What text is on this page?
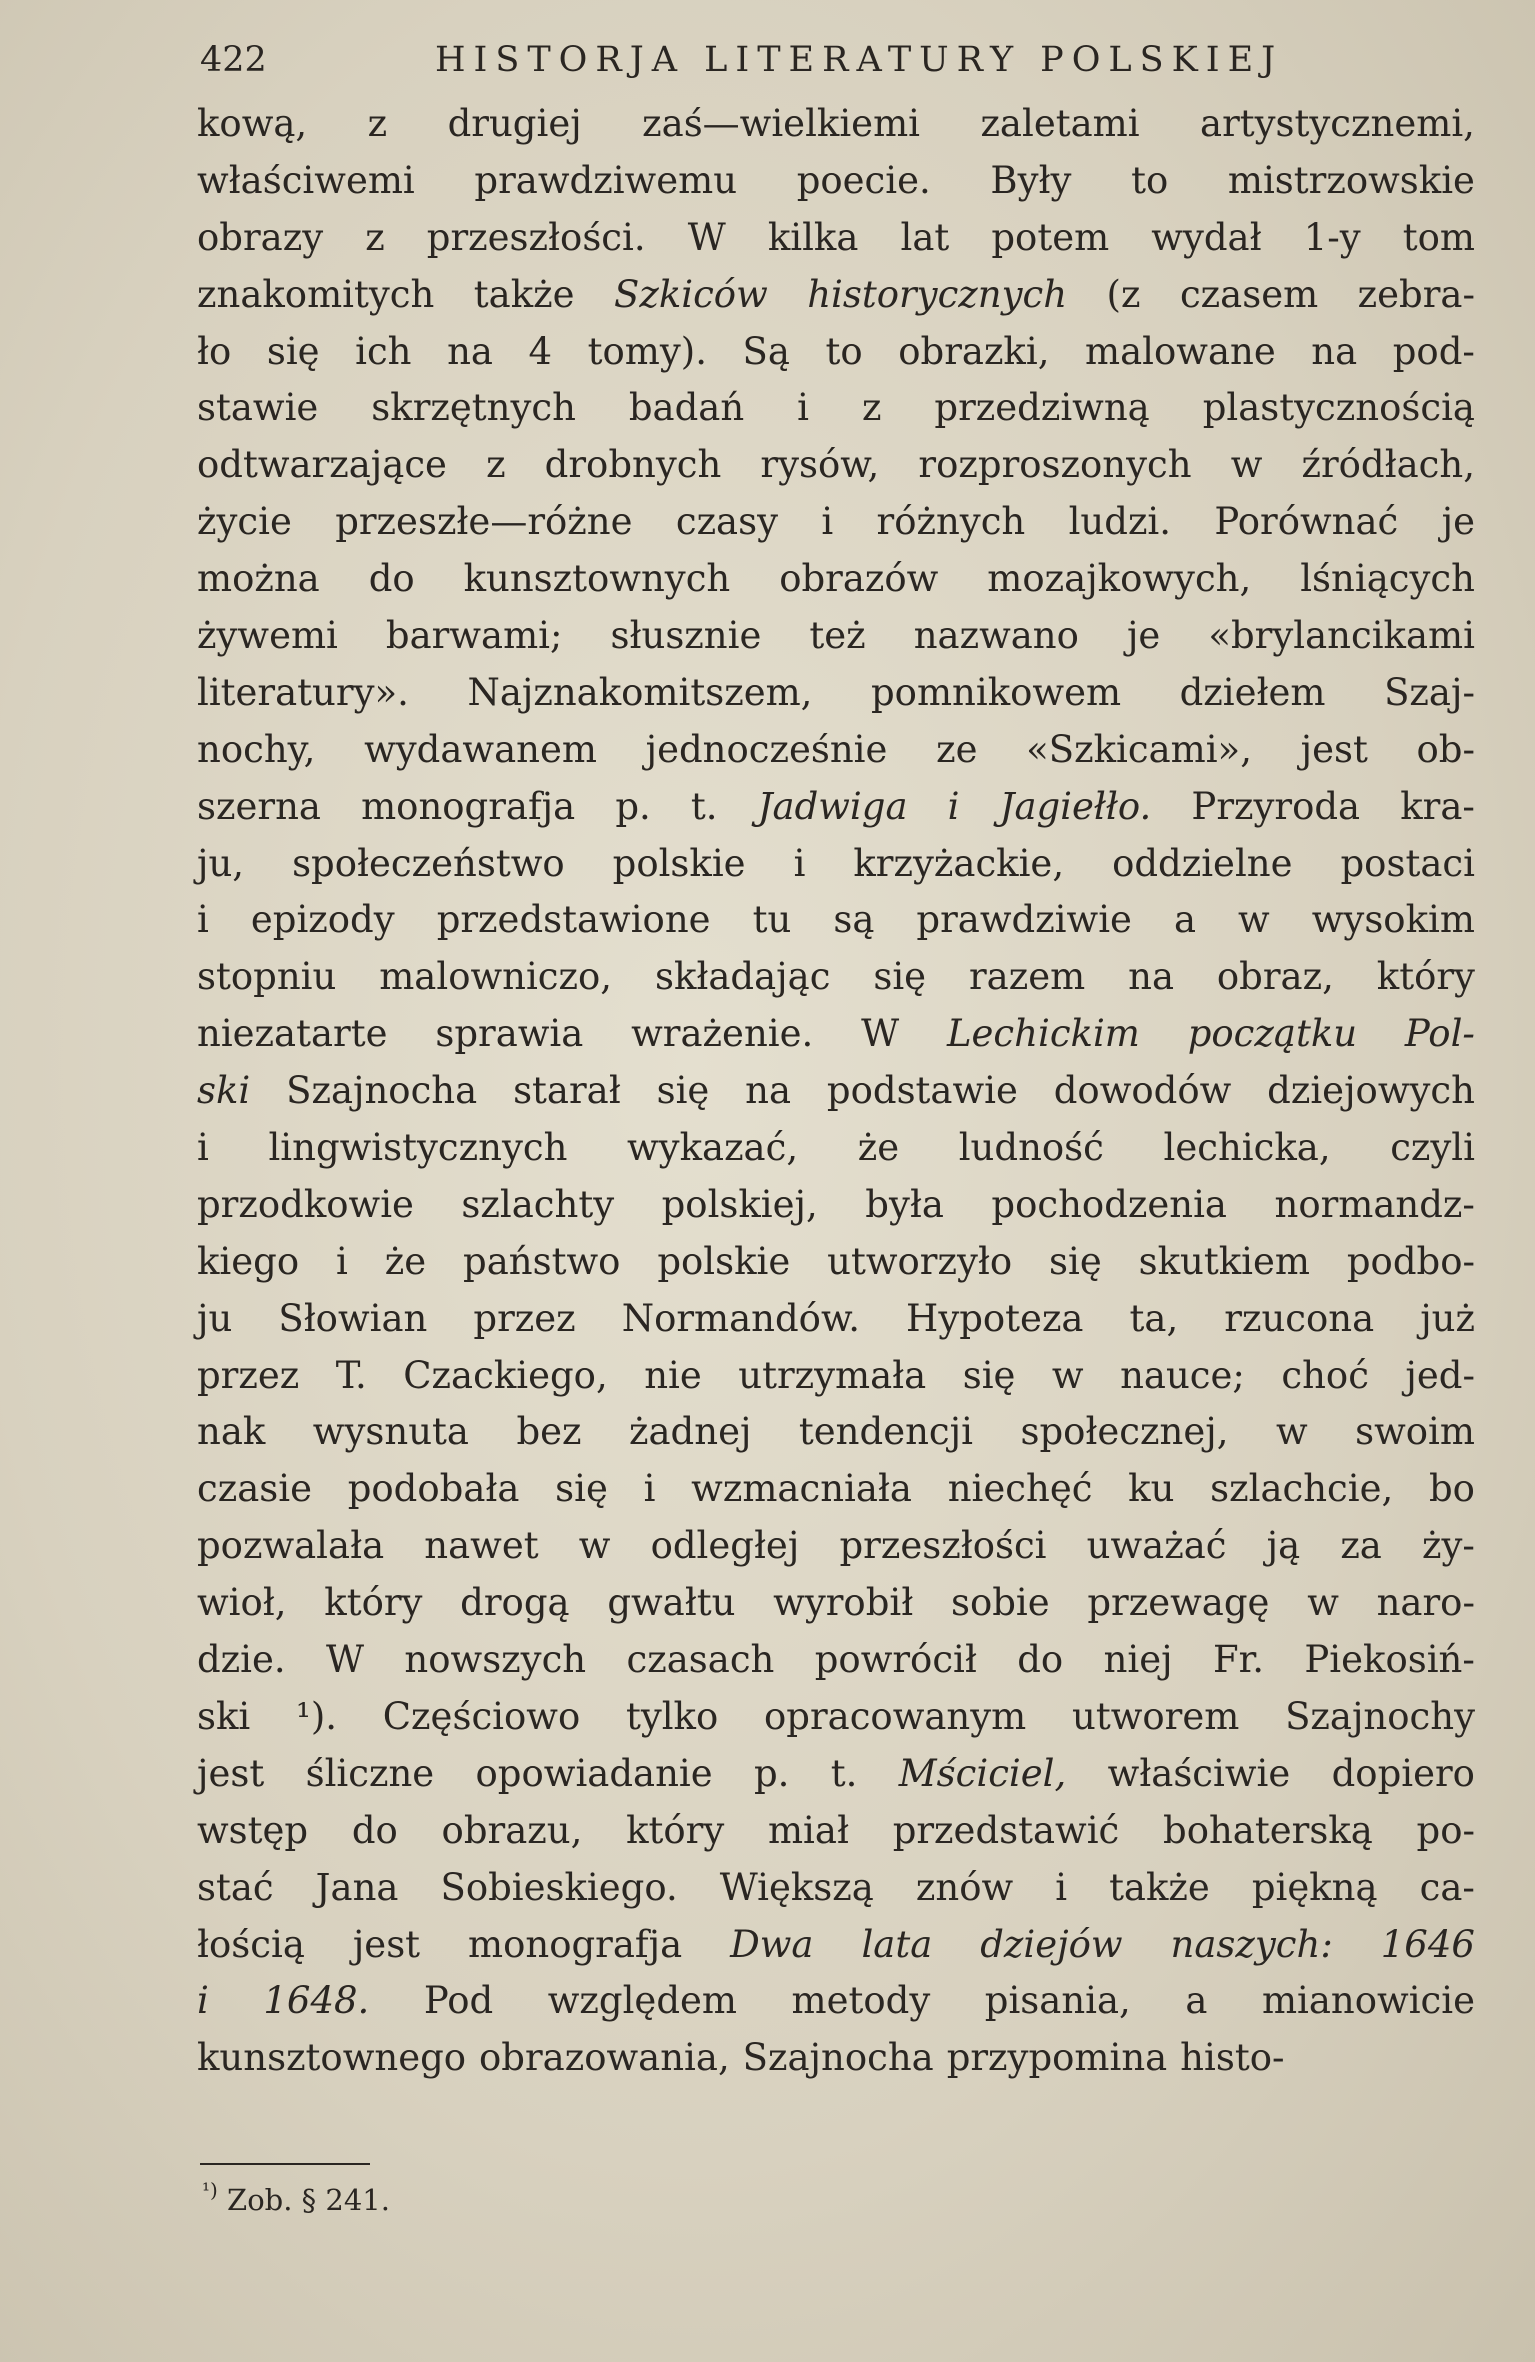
422	HISTORJA LITERATURY POLSKIEJ
kową, z drugiej zaś—wielkiemi zaletami artystycznemi,
właściwemi prawdziwemu poecie. Były to mistrzowskie
obrazy z przeszłości. W kilka lat potem wydał 1-y tom
znakomitych także Szkiców historycznych (z czasem zebra-
ło się ich na 4 tomy). Są to obrazki, malowane na pod-
stawie skrzętnych badań i z przedziwną plastycznością
odtwarzające z drobnych rysów, rozproszonych w źródłach,
życie przeszłe—różne czasy i różnych ludzi. Porównać je
można do kunsztownych obrazów mozajkowych, lśniących
żywemi barwami; słusznie też nazwano je «brylancikami
literatury». Najznakomitszem, pomnikowem dziełem Szaj-
nochy, wydawanem jednocześnie ze «Szkicami», jest ob-
szerna monografja p. t. Jadwiga i Jagiełło. Przyroda kra-
ju, społeczeństwo polskie i krzyżackie, oddzielne postaci
i epizody przedstawione tu są prawdziwie a w wysokim
stopniu malowniczo, składając się razem na obraz, który
niezatarte sprawia wrażenie. W Lechickim początku Pol-
ski Szajnocha starał się na podstawie dowodów dziejowych
i lingwistycznych wykazać, że ludność lechicka, czyli
przodkowie szlachty polskiej, była pochodzenia normandz-
kiego i że państwo polskie utworzyło się skutkiem podbo-
ju Słowian przez Normandów. Hypoteza ta, rzucona już
przez T. Czackiego, nie utrzymała się w nauce; choć jed-
nak wysnuta bez żadnej tendencji społecznej, w swoim
czasie podobała się i wzmacniała niechęć ku szlachcie, bo
pozwalała nawet w odległej przeszłości uważać ją za ży-
wioł, który drogą gwałtu wyrobił sobie przewagę w naro-
dzie. W nowszych czasach powrócił do niej Fr. Piekosiń-
ski ¹). Częściowo tylko opracowanym utworem Szajnochy
jest śliczne opowiadanie p. t. Mściciel, właściwie dopiero
wstęp do obrazu, który miał przedstawić bohaterską po-
stać Jana Sobieskiego. Większą znów i także piękną ca-
łością jest monografja Dwa lata dziejów naszych: 1646
i 1648. Pod względem metody pisania, a mianowicie
kunsztownego obrazowania, Szajnocha przypomina histo-
$^{^1)}$ Zob. § 241.
